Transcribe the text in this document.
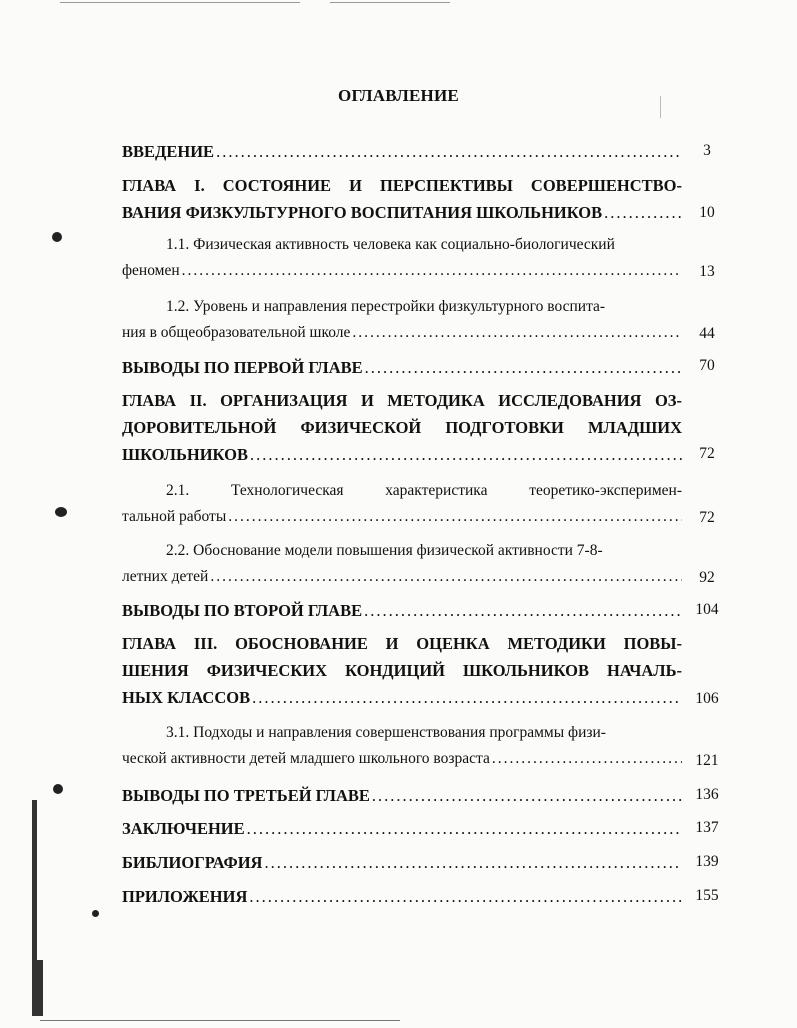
ОГЛАВЛЕНИЕ
ВВЕДЕНИЕ .....	3
ГЛАВА I. СОСТОЯНИЕ И ПЕРСПЕКТИВЫ СОВЕРШЕНСТВО-
ВАНИЯ ФИЗКУЛЬТУРНОГО ВОСПИТАНИЯ ШКОЛЬНИКОВ .....	10
1.1. Физическая активность человека как социально-биологический
феномен .....	13
1.2. Уровень и направления перестройки физкультурного воспита-
ния в общеобразовательной школе .....	44
ВЫВОДЫ ПО ПЕРВОЙ ГЛАВЕ .....	70
ГЛАВА II. ОРГАНИЗАЦИЯ И МЕТОДИКА ИССЛЕДОВАНИЯ ОЗ-
ДОРОВИТЕЛЬНОЙ ФИЗИЧЕСКОЙ ПОДГОТОВКИ МЛАДШИХ
ШКОЛЬНИКОВ .....	72
2.1. Технологическая характеристика теоретико-эксперимен-
тальной работы .....	72
2.2. Обоснование модели повышения физической активности 7-8-
летних детей .....	92
ВЫВОДЫ ПО ВТОРОЙ ГЛАВЕ .....	104
ГЛАВА III. ОБОСНОВАНИЕ И ОЦЕНКА МЕТОДИКИ ПОВЫ-
ШЕНИЯ ФИЗИЧЕСКИХ КОНДИЦИЙ ШКОЛЬНИКОВ НАЧАЛЬ-
НЫХ КЛАССОВ .....	106
3.1. Подходы и направления совершенствования программы физи-
ческой активности детей младшего школьного возраста .....	121
ВЫВОДЫ ПО ТРЕТЬЕЙ ГЛАВЕ .....	136
ЗАКЛЮЧЕНИЕ .....	137
БИБЛИОГРАФИЯ .....	139
ПРИЛОЖЕНИЯ .....	155
